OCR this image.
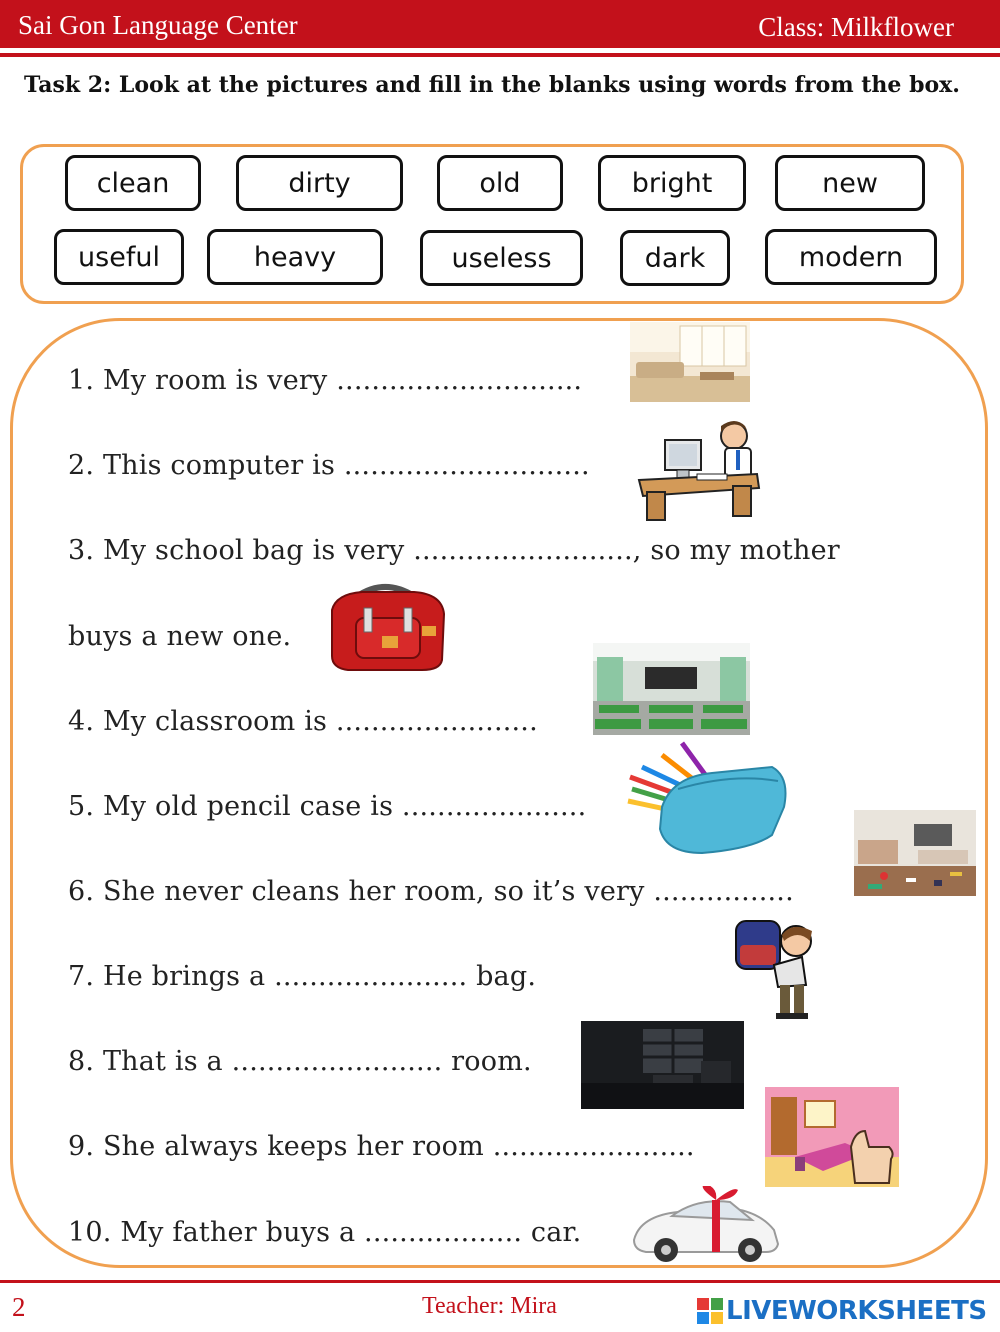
Sai Gon Language Center	Class: Milkflower
Task 2: Look at the pictures and fill in the blanks using words from the box.
clean	dirty	old	bright	new
useful	heavy	useless	dark	modern
1. My room is very ............................
2. This computer is ............................
3. My school bag is very ........................., so my mother
buys a new one.
4. My classroom is .......................
5. My old pencil case is .....................
6. She never cleans her room, so it’s very ................
7. He brings a ...................... bag.
8. That is a ........................ room.
9. She always keeps her room .......................
10. My father buys a .................. car.
2	Teacher: Mira	LIVEWORKSHEETS
